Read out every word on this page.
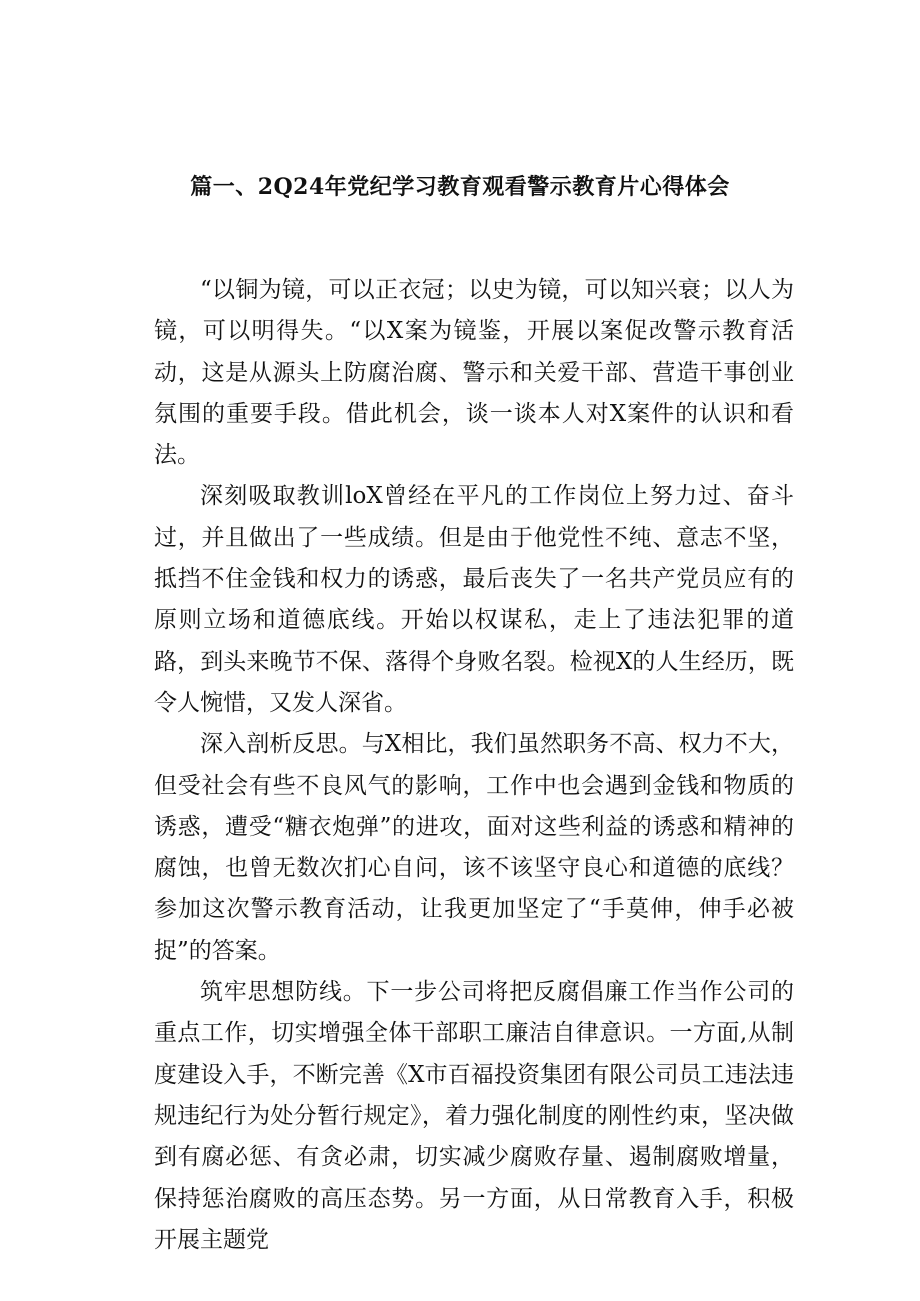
篇一、2Q24年党纪学习教育观看警示教育片心得体会

“以铜为镜，可以正衣冠；以史为镜，可以知兴衰；以人为镜，可以明得失。“以X案为镜鉴，开展以案促改警示教育活动，这是从源头上防腐治腐、警示和关爱干部、营造干事创业氛围的重要手段。借此机会，谈一谈本人对X案件的认识和看法。

深刻吸取教训loX曾经在平凡的工作岗位上努力过、奋斗过，并且做出了一些成绩。但是由于他党性不纯、意志不坚，抵挡不住金钱和权力的诱惑，最后丧失了一名共产党员应有的原则立场和道德底线。开始以权谋私，走上了违法犯罪的道路，到头来晚节不保、落得个身败名裂。检视X的人生经历，既令人惋惜，又发人深省。

深入剖析反思。与X相比，我们虽然职务不高、权力不大，但受社会有些不良风气的影响，工作中也会遇到金钱和物质的诱惑，遭受“糖衣炮弹”的进攻，面对这些利益的诱惑和精神的腐蚀，也曾无数次扪心自问，该不该坚守良心和道德的底线？参加这次警示教育活动，让我更加坚定了“手莫伸，伸手必被捉”的答案。

筑牢思想防线。下一步公司将把反腐倡廉工作当作公司的重点工作，切实增强全体干部职工廉洁自律意识。一方面,从制度建设入手，不断完善《X市百福投资集团有限公司员工违法违规违纪行为处分暂行规定》，着力强化制度的刚性约束，坚决做到有腐必惩、有贪必肃，切实减少腐败存量、遏制腐败增量，保持惩治腐败的高压态势。另一方面，从日常教育入手，积极开展主题党
